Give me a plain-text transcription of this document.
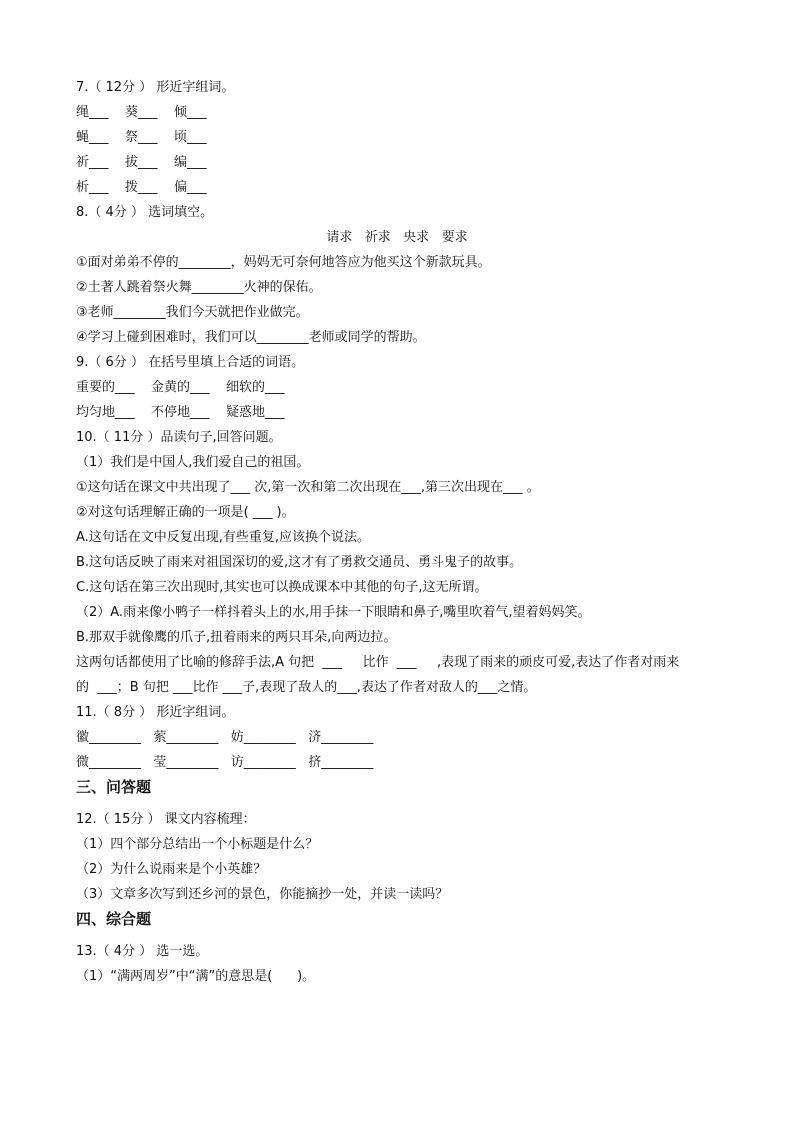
7.（ 12分 ） 形近字组词。
绳___    葵___    倾___
蝇___    祭___    顷___
祈___    拔___    编___
析___    拨___    偏___
8.（ 4分 ） 选词填空。
请求   祈求   央求   要求
①面对弟弟不停的________，妈妈无可奈何地答应为他买这个新款玩具。
②土著人跳着祭火舞________火神的保佑。
③老师________我们今天就把作业做完。
④学习上碰到困难时，我们可以________老师或同学的帮助。
9.（ 6分 ） 在括号里填上合适的词语。
重要的___    金黄的___    细软的___
均匀地___    不停地___    疑惑地___
10.（ 11分 ）品读句子,回答问题。
（1）我们是中国人,我们爱自己的祖国。
①这句话在课文中共出现了___ 次,第一次和第二次出现在___,第三次出现在___ 。
②对这句话理解正确的一项是( ___ )。
A.这句话在文中反复出现,有些重复,应该换个说法。
B.这句话反映了雨来对祖国深切的爱,这才有了勇救交通员、勇斗鬼子的故事。
C.这句话在第三次出现时,其实也可以换成课本中其他的句子,这无所谓。
（2）A.雨来像小鸭子一样抖着头上的水,用手抹一下眼睛和鼻子,嘴里吹着气,望着妈妈笑。
B.那双手就像鹰的爪子,扭着雨来的两只耳朵,向两边拉。
这两句话都使用了比喻的修辞手法,A 句把  ___     比作  ___     ,表现了雨来的顽皮可爱,表达了作者对雨来
的  ___；B 句把 ___比作 ___子,表现了敌人的___,表达了作者对敌人的___之情。
11.（ 8分 ） 形近字组词。
徽________   萦________   妨________   济________
微________   莹________   访________   挤________
三、问答题
12.（ 15分 ） 课文内容梳理：
（1）四个部分总结出一个小标题是什么？
（2）为什么说雨来是个小英雄？
（3）文章多次写到还乡河的景色，你能摘抄一处，并读一读吗？
四、综合题
13.（ 4分 ） 选一选。
（1）“满两周岁”中“满”的意思是(      )。
